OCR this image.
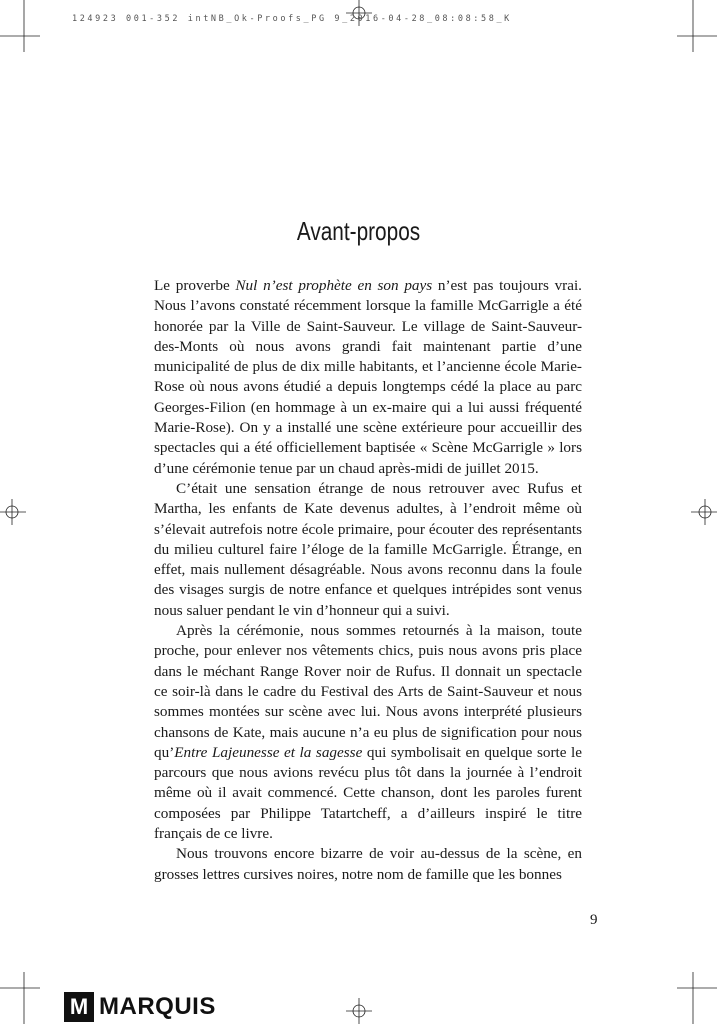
124923 001-352 intNB_Ok-Proofs_PG 9_2016-04-28_08:08:58_K
Avant-propos

Le proverbe Nul n’est prophète en son pays n’est pas toujours vrai. Nous l’avons constaté récemment lorsque la famille McGarrigle a été honorée par la Ville de Saint-Sauveur. Le village de Saint-Sauveur-des-Monts où nous avons grandi fait maintenant partie d’une municipalité de plus de dix mille habitants, et l’ancienne école Marie-Rose où nous avons étudié a depuis longtemps cédé la place au parc Georges-Filion (en hommage à un ex-maire qui a lui aussi fréquenté Marie-Rose). On y a installé une scène extérieure pour accueillir des spectacles qui a été officiellement baptisée « Scène McGarrigle » lors d’une cérémonie tenue par un chaud après-midi de juillet 2015.

C’était une sensation étrange de nous retrouver avec Rufus et Martha, les enfants de Kate devenus adultes, à l’endroit même où s’élevait autrefois notre école primaire, pour écouter des représentants du milieu culturel faire l’éloge de la famille McGarrigle. Étrange, en effet, mais nullement désagréable. Nous avons reconnu dans la foule des visages surgis de notre enfance et quelques intrépides sont venus nous saluer pendant le vin d’honneur qui a suivi.

Après la cérémonie, nous sommes retournés à la maison, toute proche, pour enlever nos vêtements chics, puis nous avons pris place dans le méchant Range Rover noir de Rufus. Il donnait un spectacle ce soir-là dans le cadre du Festival des Arts de Saint-Sauveur et nous sommes montées sur scène avec lui. Nous avons interprété plusieurs chansons de Kate, mais aucune n’a eu plus de signification pour nous qu’Entre Lajeunesse et la sagesse qui symbolisait en quelque sorte le parcours que nous avions revécu plus tôt dans la journée à l’endroit même où il avait commencé. Cette chanson, dont les paroles furent composées par Philippe Tatartcheff, a d’ailleurs inspiré le titre français de ce livre.

Nous trouvons encore bizarre de voir au-dessus de la scène, en grosses lettres cursives noires, notre nom de famille que les bonnes

9
M MARQUIS
